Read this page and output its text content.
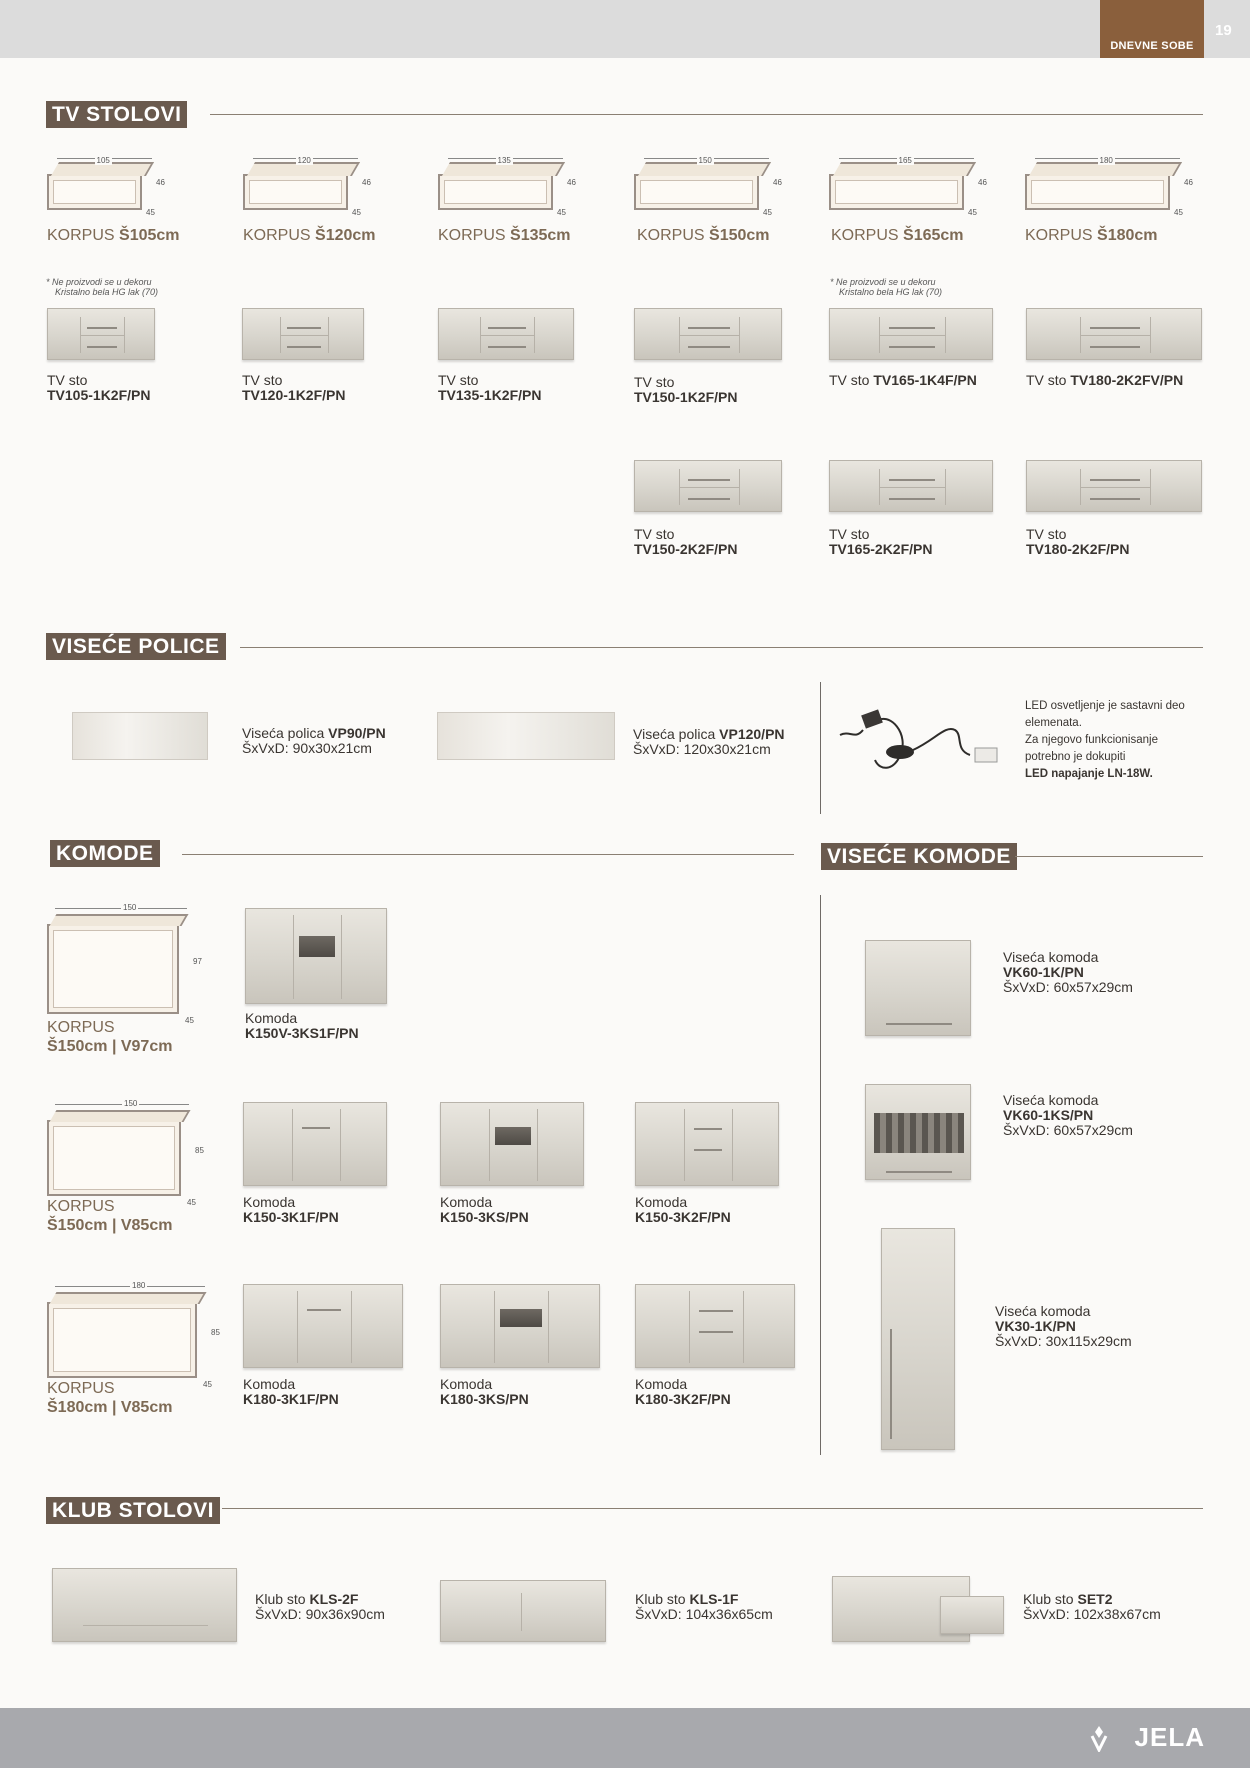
DNEVNE SOBE
19
TV STOLOVI
105
46
45
KORPUS Š105cm
120
46
45
KORPUS Š120cm
135
46
45
KORPUS Š135cm
150
46
45
KORPUS Š150cm
165
46
45
KORPUS Š165cm
180
46
45
KORPUS Š180cm
* Ne proizvodi se u dekoru
Kristalno bela HG lak (70)
* Ne proizvodi se u dekoru
Kristalno bela HG lak (70)
TV sto
TV105-1K2F/PN
TV sto
TV120-1K2F/PN
TV sto
TV135-1K2F/PN
TV sto
TV150-1K2F/PN
TV sto TV165-1K4F/PN	TV sto TV180-2K2FV/PN
TV sto
TV150-2K2F/PN
TV sto
TV165-2K2F/PN
TV sto
TV180-2K2F/PN
VISEĆE POLICE
Viseća polica VP90/PN
ŠxVxD: 90x30x21cm
Viseća polica VP120/PN
ŠxVxD: 120x30x21cm
LED osvetljenje je sastavni deo
elemenata.
Za njegovo funkcionisanje
potrebno je dokupiti
LED napajanje LN-18W.
KOMODE	VISEĆE KOMODE
150
97
45
KORPUS
Š150cm | V97cm
150
85
45
KORPUS
Š150cm | V85cm
180
85
45
KORPUS
Š180cm | V85cm
Komoda
K150V-3KS1F/PN
Komoda
K150-3K1F/PN
Komoda
K150-3KS/PN
Komoda
K150-3K2F/PN
Komoda
K180-3K1F/PN
Komoda
K180-3KS/PN
Komoda
K180-3K2F/PN
Viseća komoda
VK60-1K/PN
ŠxVxD: 60x57x29cm
Viseća komoda
VK60-1KS/PN
ŠxVxD: 60x57x29cm
Viseća komoda
VK30-1K/PN
ŠxVxD: 30x115x29cm
KLUB STOLOVI
Klub sto KLS-2F
ŠxVxD: 90x36x90cm
Klub sto KLS-1F
ŠxVxD: 104x36x65cm
Klub sto SET2
ŠxVxD: 102x38x67cm
JELA
